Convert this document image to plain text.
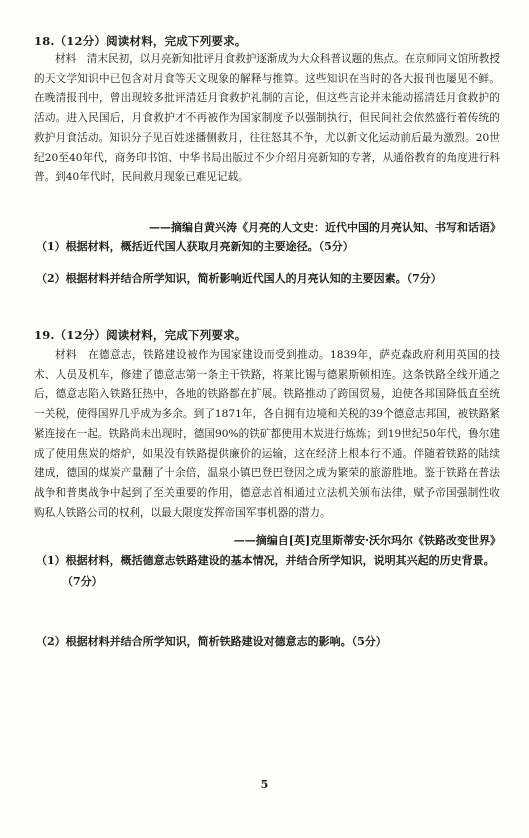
18.（12分）阅读材料，完成下列要求。

材料　清末民初，以月亮新知批评月食救护逐渐成为大众科普议题的焦点。在京师同文馆所教授的天文学知识中已包含对月食等天文现象的解释与推算。这些知识在当时的各大报刊也屡见不鲜。在晚清报刊中，曾出现较多批评清廷月食救护礼制的言论，但这些言论并未能动摇清廷月食救护的活动。进入民国后，月食救护才不再被作为国家制度予以强制执行，但民间社会依然盛行着传统的救护月食活动。知识分子见百姓迷播侧救月，往往怒其不争，尤以新文化运动前后最为激烈。20世纪20至40年代，商务印书馆、中华书局出版过不少介绍月亮新知的专著，从通俗教育的角度进行科普。到40年代时，民间救月现象已难见记载。

——摘编自黄兴涛《月亮的人文史：近代中国的月亮认知、书写和话语》

（1）根据材料，概括近代国人获取月亮新知的主要途径。（5分）

（2）根据材料并结合所学知识，简析影响近代国人的月亮认知的主要因素。（7分）

19.（12分）阅读材料，完成下列要求。

材料　在德意志，铁路建设被作为国家建设而受到推动。1839年，萨克森政府利用英国的技术、人员及机车，修建了德意志第一条主干铁路，将莱比锡与德累斯顿相连。这条铁路全线开通之后，德意志陷入铁路狂热中，各地的铁路都在扩展。铁路推动了跨国贸易，迫使各邦国降低直至统一关税，使得国界几乎成为多余。到了1871年，各自拥有边境和关税的39个德意志邦国，被铁路紧紧连接在一起。铁路尚未出现时，德国90%的铁矿都使用木炭进行炼炼；到19世纪50年代，鲁尔建成了使用焦炭的熔炉，如果没有铁路提供廉价的运输，这在经济上根本行不通。伴随着铁路的陆续建成，德国的煤炭产量翻了十余倍，温泉小镇巴登巴登因之成为繁荣的旅游胜地。鉴于铁路在普法战争和普奥战争中起到了至关重要的作用，德意志首相通过立法机关颁布法律，赋予帝国强制性收购私人铁路公司的权利，以最大限度发挥帝国军事机器的潜力。

——摘编自[英]克里斯蒂安·沃尔玛尔《铁路改变世界》

（1）根据材料，概括德意志铁路建设的基本情况，并结合所学知识，说明其兴起的历史背景。
（7分）

（2）根据材料并结合所学知识，简析铁路建设对德意志的影响。（5分）

5
